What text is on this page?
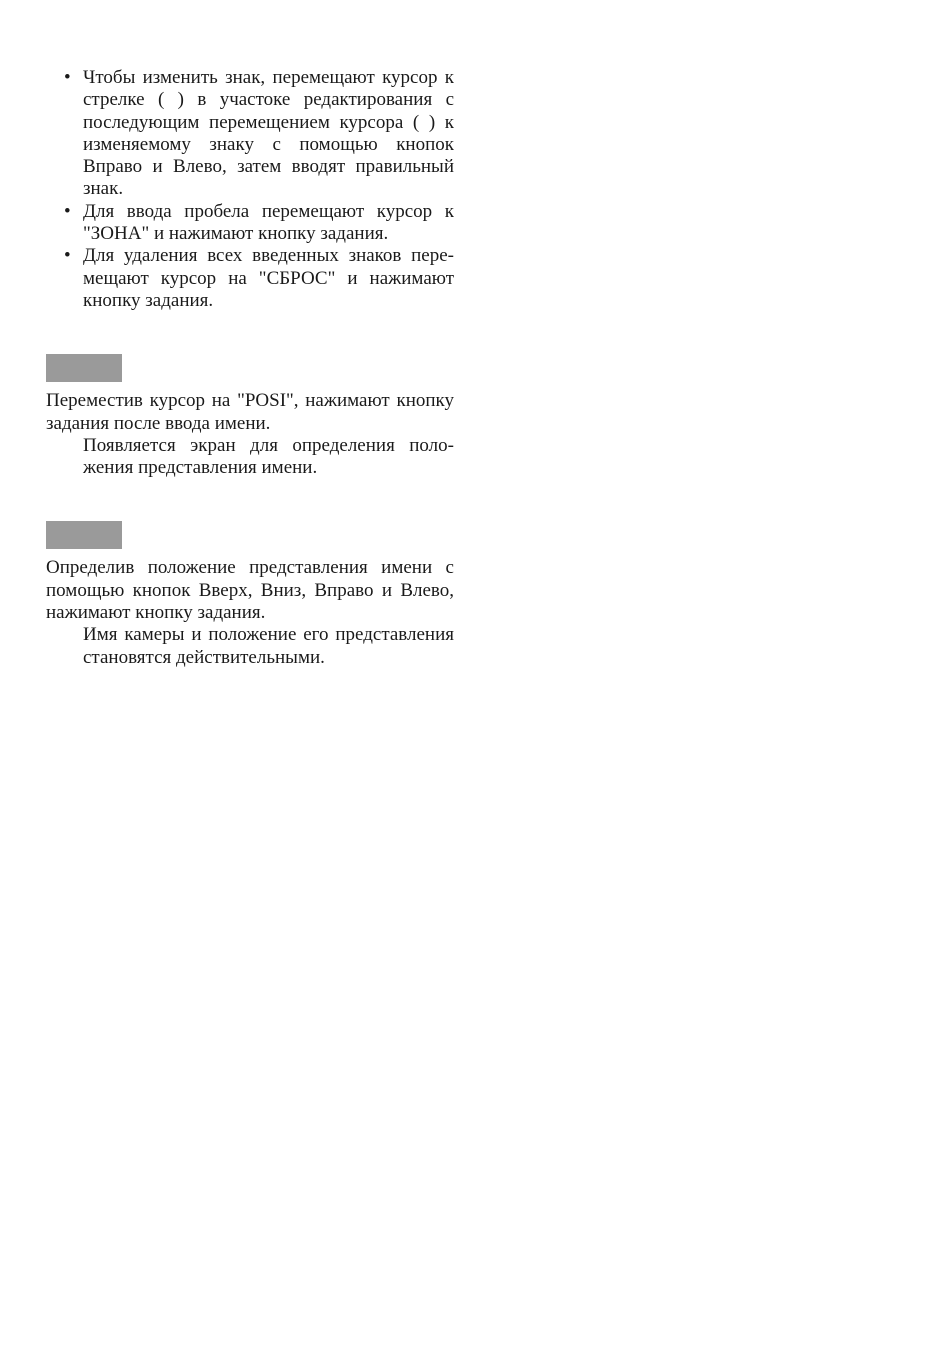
• Чтобы изменить знак, перемещают курсор к стрелке ( ) в участоке редактирования с последующим перемещением курсора ( ) к изменяемому знаку с помощью кнопок Вправо и Влево, затем вводят правильный знак.
• Для ввода пробела перемещают курсор к "ЗОНА" и нажимают кнопку задания.
• Для удаления всех введенных знаков перемещают курсор на "СБРОС" и нажимают кнопку задания.

Переместив курсор на "POSI", нажимают кнопку задания после ввода имени.

Появляется экран для определения положения представления имени.

Определив положение представления имени с помощью кнопок Вверх, Вниз, Вправо и Влево, нажимают кнопку задания.

Имя камеры и положение его представления становятся действительными.
